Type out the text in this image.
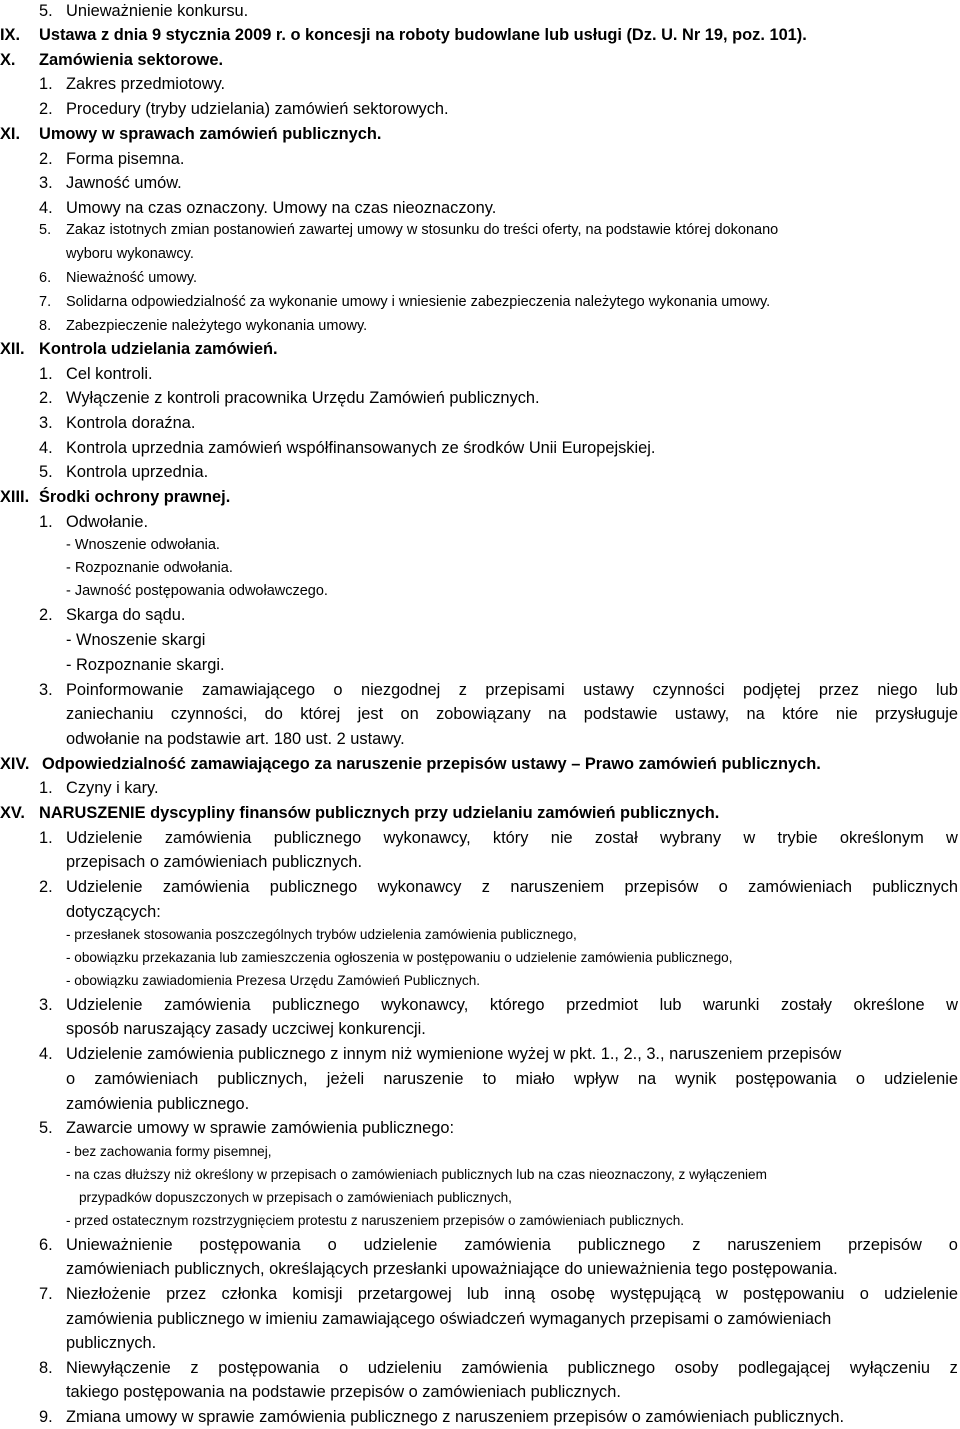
5. Unieważnienie konkursu.
IX. Ustawa z dnia 9 stycznia 2009 r. o koncesji na roboty budowlane lub usługi (Dz. U. Nr 19, poz. 101).
X. Zamówienia sektorowe.
1. Zakres przedmiotowy.
2. Procedury (tryby udzielania) zamówień sektorowych.
XI. Umowy w sprawach zamówień publicznych.
2. Forma pisemna.
3. Jawność umów.
4. Umowy na czas oznaczony. Umowy na czas nieoznaczony.
5. Zakaz istotnych zmian postanowień zawartej umowy w stosunku do treści oferty, na podstawie której dokonano
wyboru wykonawcy.
6. Nieważność umowy.
7. Solidarna odpowiedzialność za wykonanie umowy i wniesienie zabezpieczenia należytego wykonania umowy.
8. Zabezpieczenie należytego wykonania umowy.
XII. Kontrola udzielania zamówień.
1. Cel kontroli.
2. Wyłączenie z kontroli pracownika Urzędu Zamówień publicznych.
3. Kontrola doraźna.
4. Kontrola uprzednia zamówień współfinansowanych ze środków Unii Europejskiej.
5. Kontrola uprzednia.
XIII. Środki ochrony prawnej.
1. Odwołanie.
- Wnoszenie odwołania.
- Rozpoznanie odwołania.
- Jawność postępowania odwoławczego.
2. Skarga do sądu.
- Wnoszenie skargi
- Rozpoznanie skargi.
3. Poinformowanie zamawiającego o niezgodnej z przepisami ustawy czynności podjętej przez niego lub
zaniechaniu czynności, do której jest on zobowiązany na podstawie ustawy, na które nie przysługuje
odwołanie na podstawie art. 180 ust. 2 ustawy.
XIV. Odpowiedzialność zamawiającego za naruszenie przepisów ustawy – Prawo zamówień publicznych.
1. Czyny i kary.
XV. NARUSZENIE dyscypliny finansów publicznych przy udzielaniu zamówień publicznych.
1. Udzielenie zamówienia publicznego wykonawcy, który nie został wybrany w trybie określonym w
przepisach o zamówieniach publicznych.
2. Udzielenie zamówienia publicznego wykonawcy z naruszeniem przepisów o zamówieniach publicznych
dotyczących:
- przesłanek stosowania poszczególnych trybów udzielenia zamówienia publicznego,
- obowiązku przekazania lub zamieszczenia ogłoszenia w postępowaniu o udzielenie zamówienia publicznego,
- obowiązku zawiadomienia Prezesa Urzędu Zamówień Publicznych.
3. Udzielenie zamówienia publicznego wykonawcy, którego przedmiot lub warunki zostały określone w
sposób naruszający zasady uczciwej konkurencji.
4. Udzielenie zamówienia publicznego z innym niż wymienione wyżej w pkt. 1., 2., 3., naruszeniem przepisów
o zamówieniach publicznych, jeżeli naruszenie to miało wpływ na wynik postępowania o udzielenie
zamówienia publicznego.
5. Zawarcie umowy w sprawie zamówienia publicznego:
- bez zachowania formy pisemnej,
- na czas dłuższy niż określony w przepisach o zamówieniach publicznych lub na czas nieoznaczony, z wyłączeniem
przypadków dopuszczonych w przepisach o zamówieniach publicznych,
- przed ostatecznym rozstrzygnięciem protestu z naruszeniem przepisów o zamówieniach publicznych.
6. Unieważnienie postępowania o udzielenie zamówienia publicznego z naruszeniem przepisów o
zamówieniach publicznych, określających przesłanki upoważniające do unieważnienia tego postępowania.
7. Niezłożenie przez członka komisji przetargowej lub inną osobę występującą w postępowaniu o udzielenie
zamówienia publicznego w imieniu zamawiającego oświadczeń wymaganych przepisami o zamówieniach
publicznych.
8. Niewyłączenie z postępowania o udzieleniu zamówienia publicznego osoby podlegającej wyłączeniu z
takiego postępowania na podstawie przepisów o zamówieniach publicznych.
9. Zmiana umowy w sprawie zamówienia publicznego z naruszeniem przepisów o zamówieniach publicznych.
